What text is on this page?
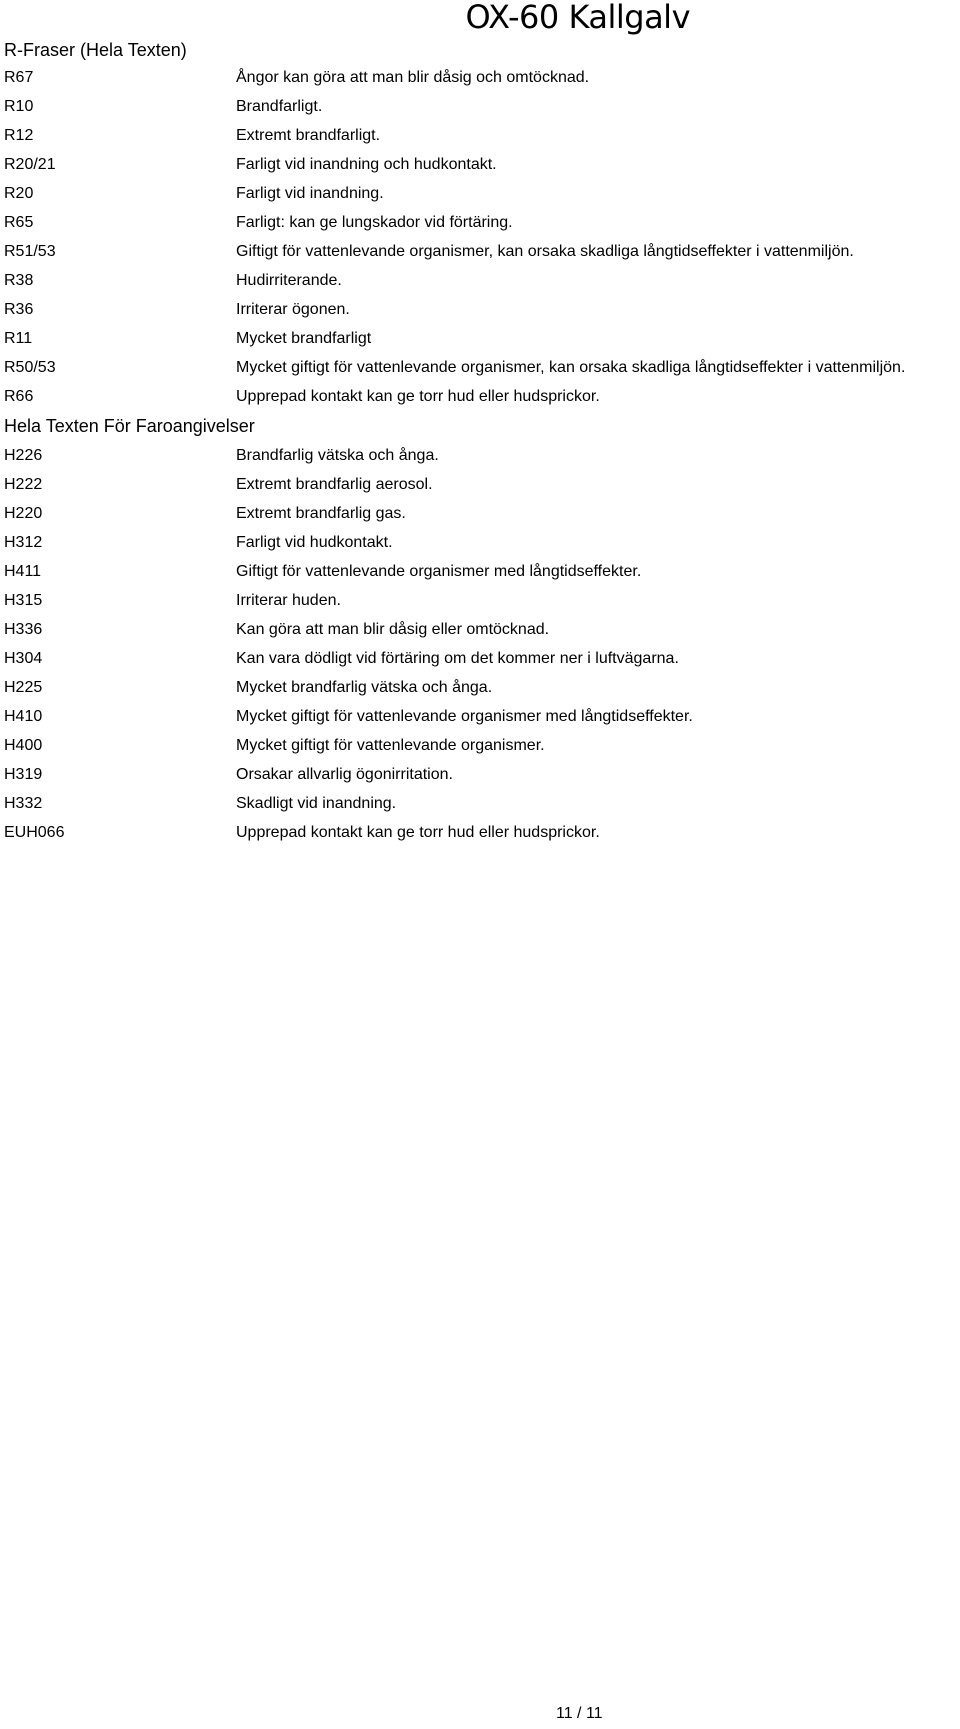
OX-60 Kallgalv
R-Fraser (Hela Texten)
R67	Ångor kan göra att man blir dåsig och omtöcknad.
R10	Brandfarligt.
R12	Extremt brandfarligt.
R20/21	Farligt vid inandning och hudkontakt.
R20	Farligt vid inandning.
R65	Farligt: kan ge lungskador vid förtäring.
R51/53	Giftigt för vattenlevande organismer, kan orsaka skadliga långtidseffekter i vattenmiljön.
R38	Hudirriterande.
R36	Irriterar ögonen.
R11	Mycket brandfarligt
R50/53	Mycket giftigt för vattenlevande organismer, kan orsaka skadliga långtidseffekter i vattenmiljön.
R66	Upprepad kontakt kan ge torr hud eller hudsprickor.
Hela Texten För Faroangivelser
H226	Brandfarlig vätska och ånga.
H222	Extremt brandfarlig aerosol.
H220	Extremt brandfarlig gas.
H312	Farligt vid hudkontakt.
H411	Giftigt för vattenlevande organismer med långtidseffekter.
H315	Irriterar huden.
H336	Kan göra att man blir dåsig eller omtöcknad.
H304	Kan vara dödligt vid förtäring om det kommer ner i luftvägarna.
H225	Mycket brandfarlig vätska och ånga.
H410	Mycket giftigt för vattenlevande organismer med långtidseffekter.
H400	Mycket giftigt för vattenlevande organismer.
H319	Orsakar allvarlig ögonirritation.
H332	Skadligt vid inandning.
EUH066	Upprepad kontakt kan ge torr hud eller hudsprickor.
11 / 11
